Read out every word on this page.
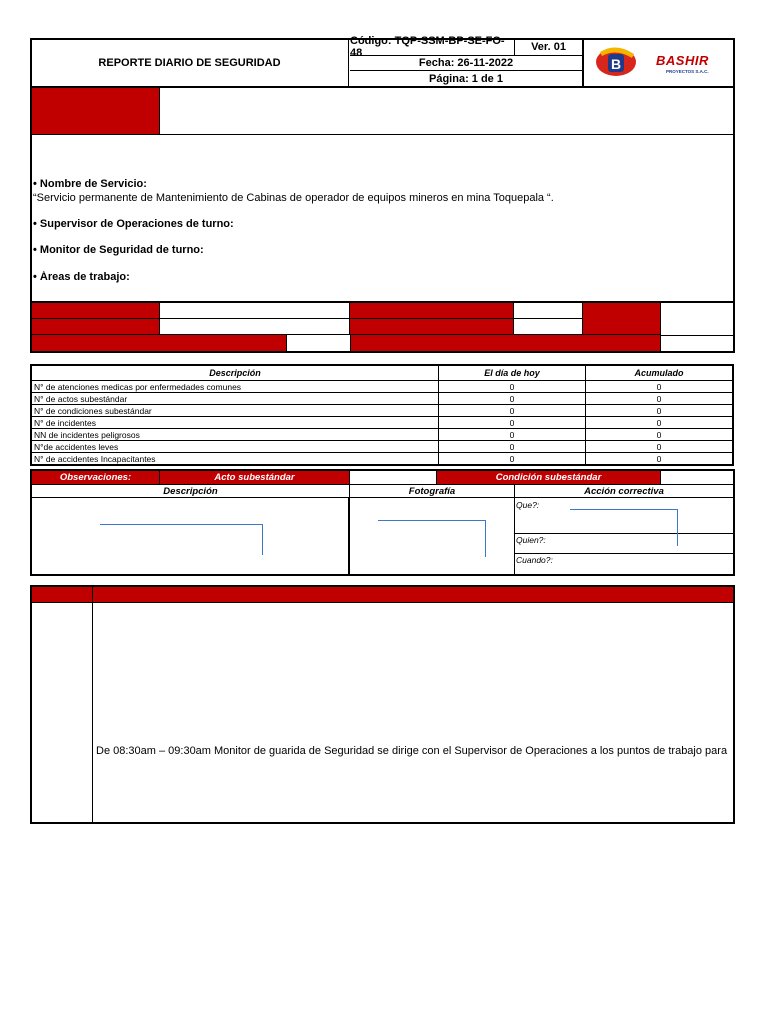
REPORTE DIARIO DE SEGURIDAD
Código: TQP-SSM-BP-SE-FO-48	Ver. 01
Fecha: 26-11-2022
Página: 1 de 1
B	BASHIR
PROYECTOS S.A.C.
• Nombre de Servicio:
“Servicio permanente de Mantenimiento de Cabinas de operador de equipos mineros en mina Toquepala “.
• Supervisor de Operaciones de turno:
• Monitor de Seguridad de turno:
• Áreas de trabajo:
Descripción	El día de hoy	Acumulado
N° de atenciones medicas por enfermedades comunes	0	0
N° de actos subestándar	0	0
N° de condiciones subestándar	0	0
N° de incidentes	0	0
NN de incidentes peligrosos	0	0
N°de accidentes leves	0	0
N° de accidentes Incapacitantes	0	0
Observaciones:	Acto subestándar	Condición subestándar
Descripción	Fotografía	Acción correctiva
Que?:
Quien?:
Cuando?:
De 08:30am – 09:30am Monitor de guarida de Seguridad se dirige con el Supervisor de Operaciones a los puntos de trabajo para
